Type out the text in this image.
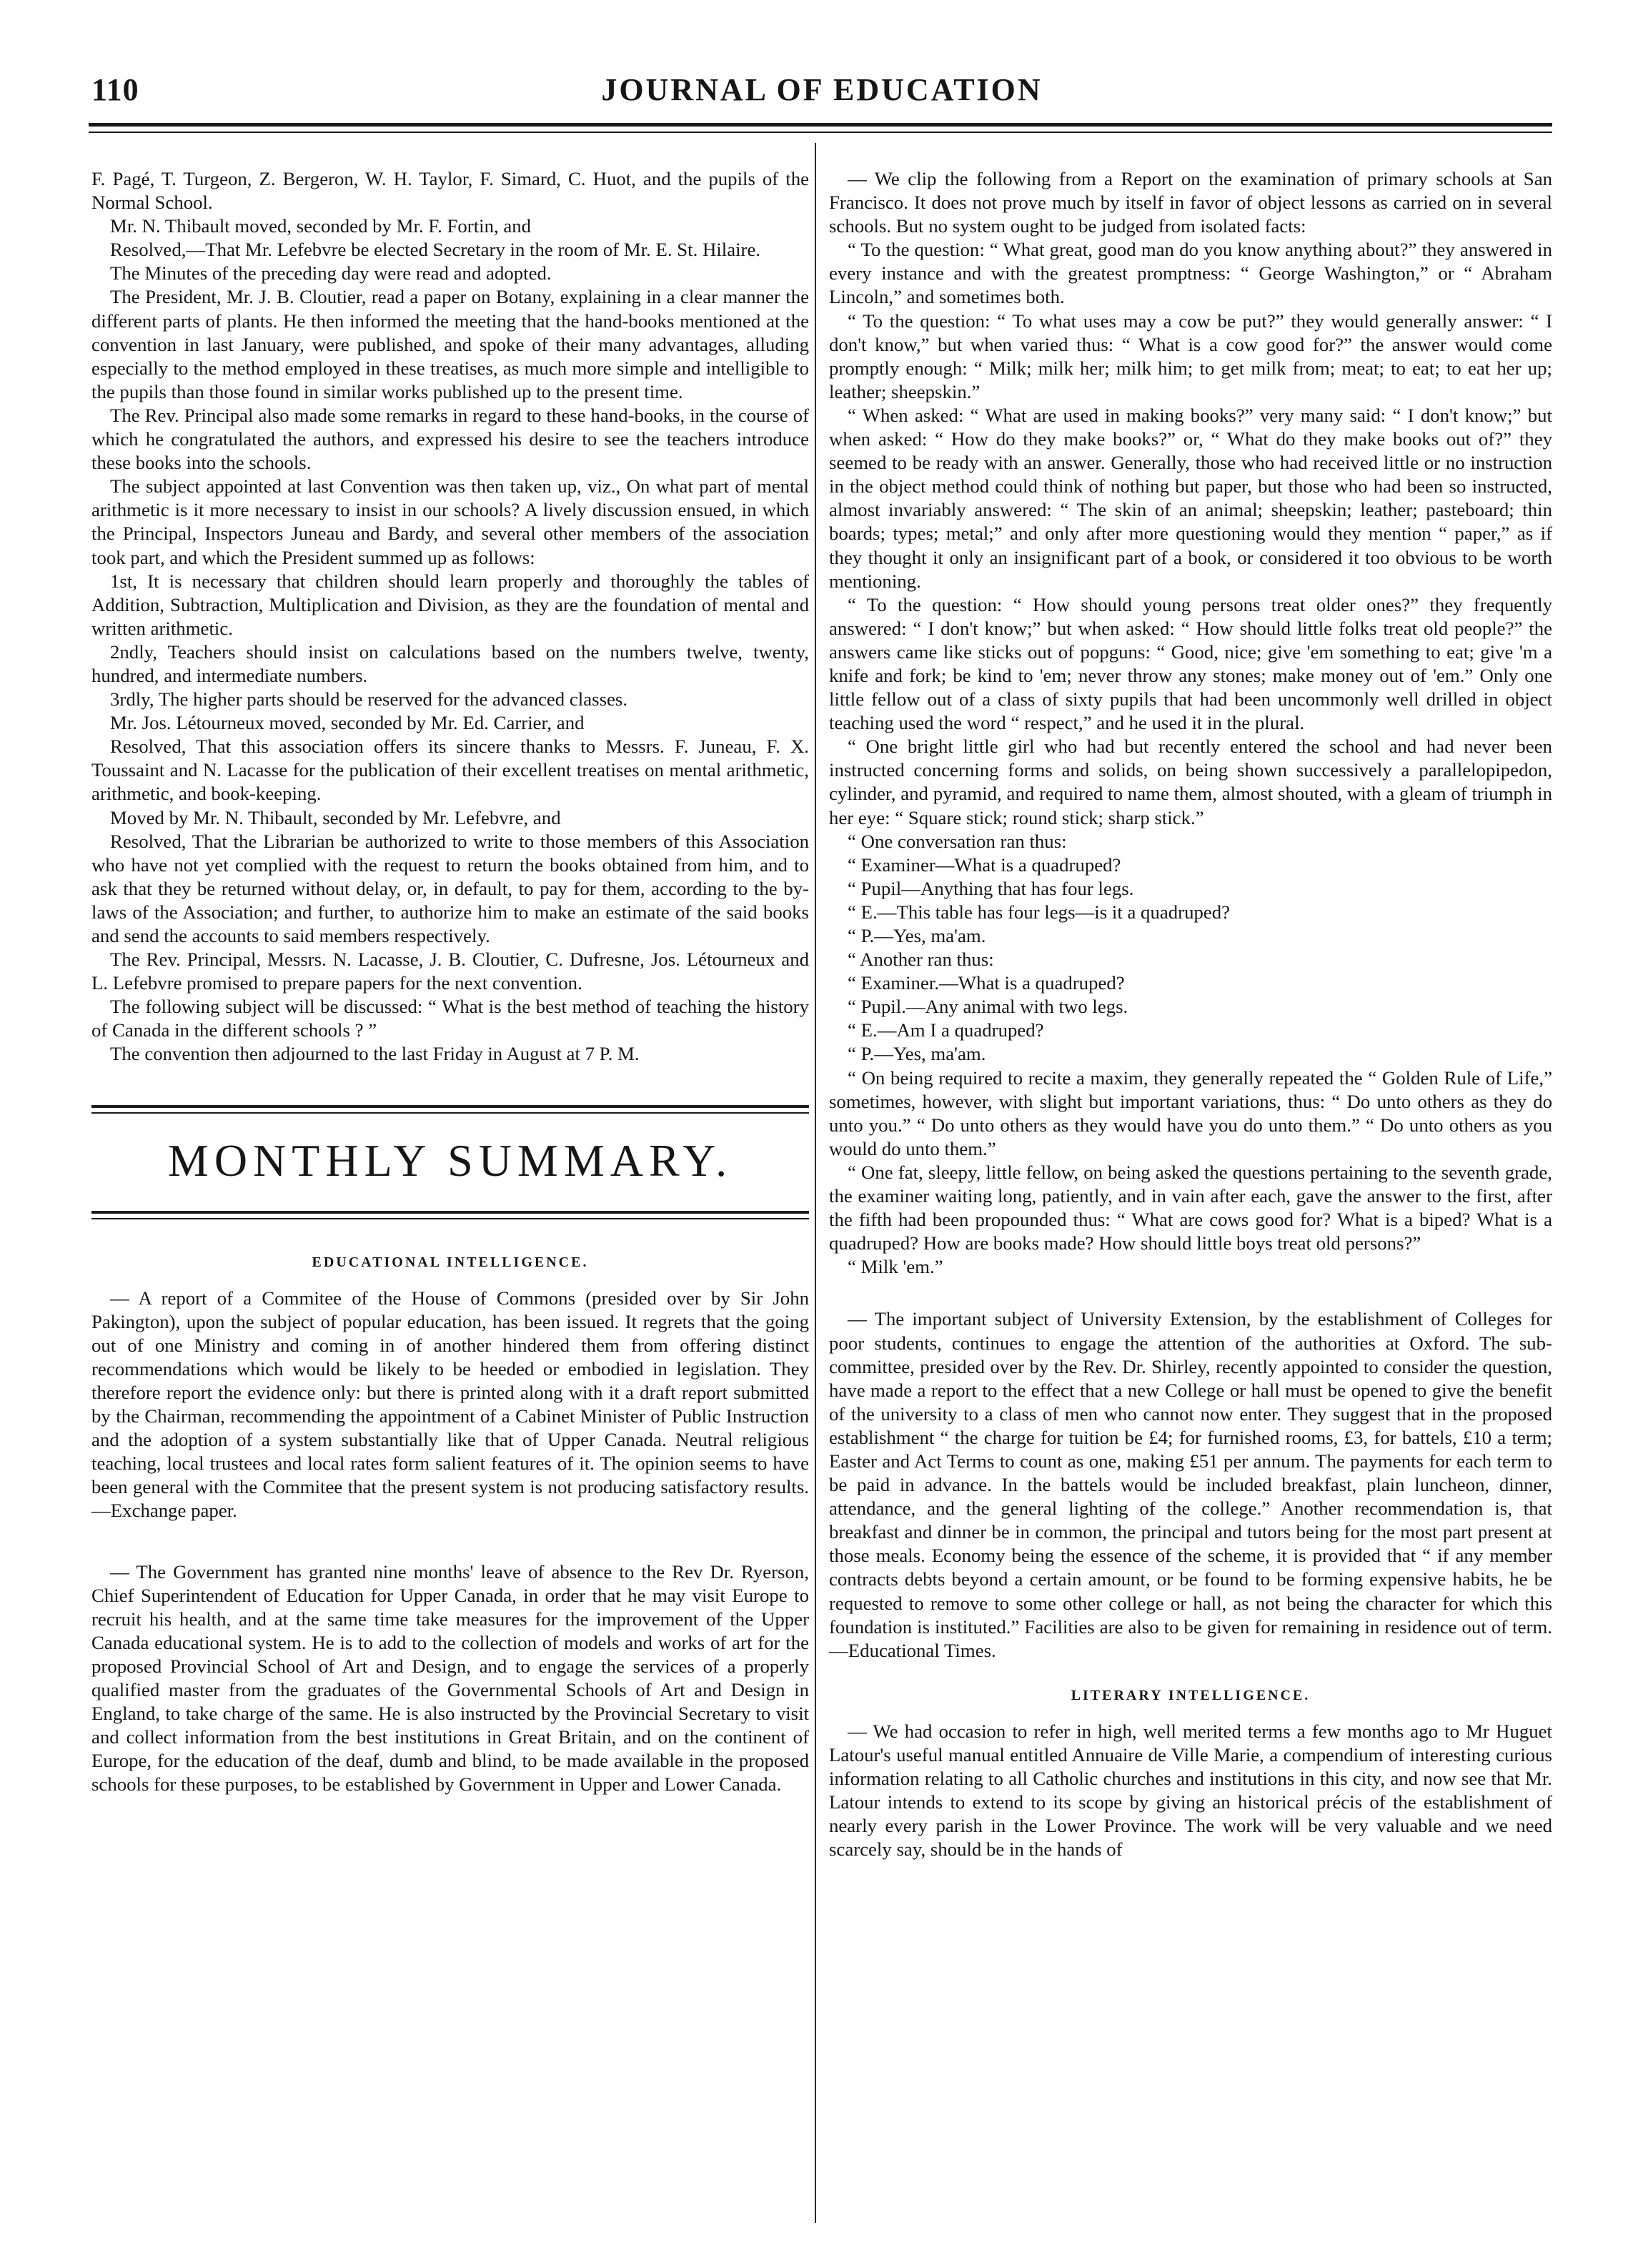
110	JOURNAL OF EDUCATION

F. Pagé, T. Turgeon, Z. Bergeron, W. H. Taylor, F. Simard, C. Huot, and the pupils of the Normal School.

Mr. N. Thibault moved, seconded by Mr. F. Fortin, and

Resolved,—That Mr. Lefebvre be elected Secretary in the room of Mr. E. St. Hilaire.

The Minutes of the preceding day were read and adopted.

The President, Mr. J. B. Cloutier, read a paper on Botany, explaining in a clear manner the different parts of plants. He then informed the meeting that the hand-books mentioned at the convention in last January, were published, and spoke of their many advantages, alluding especially to the method employed in these treatises, as much more simple and intelligible to the pupils than those found in similar works published up to the present time.

The Rev. Principal also made some remarks in regard to these hand-books, in the course of which he congratulated the authors, and expressed his desire to see the teachers introduce these books into the schools.

The subject appointed at last Convention was then taken up, viz., On what part of mental arithmetic is it more necessary to insist in our schools? A lively discussion ensued, in which the Principal, Inspectors Juneau and Bardy, and several other members of the association took part, and which the President summed up as follows:

1st, It is necessary that children should learn properly and thoroughly the tables of Addition, Subtraction, Multiplication and Division, as they are the foundation of mental and written arithmetic.

2ndly, Teachers should insist on calculations based on the numbers twelve, twenty, hundred, and intermediate numbers.

3rdly, The higher parts should be reserved for the advanced classes.

Mr. Jos. Létourneux moved, seconded by Mr. Ed. Carrier, and

Resolved, That this association offers its sincere thanks to Messrs. F. Juneau, F. X. Toussaint and N. Lacasse for the publication of their excellent treatises on mental arithmetic, arithmetic, and book-keeping.

Moved by Mr. N. Thibault, seconded by Mr. Lefebvre, and

Resolved, That the Librarian be authorized to write to those members of this Association who have not yet complied with the request to return the books obtained from him, and to ask that they be returned without delay, or, in default, to pay for them, according to the by-laws of the Association; and further, to authorize him to make an estimate of the said books and send the accounts to said members respectively.

The Rev. Principal, Messrs. N. Lacasse, J. B. Cloutier, C. Dufresne, Jos. Létourneux and L. Lefebvre promised to prepare papers for the next convention.

The following subject will be discussed: “ What is the best method of teaching the history of Canada in the different schools ? ”

The convention then adjourned to the last Friday in August at 7 P. M.

MONTHLY SUMMARY.
EDUCATIONAL INTELLIGENCE.

— A report of a Commitee of the House of Commons (presided over by Sir John Pakington), upon the subject of popular education, has been issued. It regrets that the going out of one Ministry and coming in of another hindered them from offering distinct recommendations which would be likely to be heeded or embodied in legislation. They therefore report the evidence only: but there is printed along with it a draft report submitted by the Chairman, recommending the appointment of a Cabinet Minister of Public Instruction and the adoption of a system substantially like that of Upper Canada. Neutral religious teaching, local trustees and local rates form salient features of it. The opinion seems to have been general with the Commitee that the present system is not producing satisfactory results.—Exchange paper.

— The Government has granted nine months' leave of absence to the Rev Dr. Ryerson, Chief Superintendent of Education for Upper Canada, in order that he may visit Europe to recruit his health, and at the same time take measures for the improvement of the Upper Canada educational system. He is to add to the collection of models and works of art for the proposed Provincial School of Art and Design, and to engage the services of a properly qualified master from the graduates of the Governmental Schools of Art and Design in England, to take charge of the same. He is also instructed by the Provincial Secretary to visit and collect information from the best institutions in Great Britain, and on the continent of Europe, for the education of the deaf, dumb and blind, to be made available in the proposed schools for these purposes, to be established by Government in Upper and Lower Canada.

— We clip the following from a Report on the examination of primary schools at San Francisco. It does not prove much by itself in favor of object lessons as carried on in several schools. But no system ought to be judged from isolated facts:

“ To the question: “ What great, good man do you know anything about?” they answered in every instance and with the greatest promptness: “ George Washington,” or “ Abraham Lincoln,” and sometimes both.

“ To the question: “ To what uses may a cow be put?” they would generally answer: “ I don't know,” but when varied thus: “ What is a cow good for?” the answer would come promptly enough: “ Milk; milk her; milk him; to get milk from; meat; to eat; to eat her up; leather; sheepskin.”

“ When asked: “ What are used in making books?” very many said: “ I don't know;” but when asked: “ How do they make books?” or, “ What do they make books out of?” they seemed to be ready with an answer. Generally, those who had received little or no instruction in the object method could think of nothing but paper, but those who had been so instructed, almost invariably answered: “ The skin of an animal; sheepskin; leather; pasteboard; thin boards; types; metal;” and only after more questioning would they mention “ paper,” as if they thought it only an insignificant part of a book, or considered it too obvious to be worth mentioning.

“ To the question: “ How should young persons treat older ones?” they frequently answered: “ I don't know;” but when asked: “ How should little folks treat old people?” the answers came like sticks out of popguns: “ Good, nice; give 'em something to eat; give 'm a knife and fork; be kind to 'em; never throw any stones; make money out of 'em.” Only one little fellow out of a class of sixty pupils that had been uncommonly well drilled in object teaching used the word “ respect,” and he used it in the plural.

“ One bright little girl who had but recently entered the school and had never been instructed concerning forms and solids, on being shown successively a parallelopipedon, cylinder, and pyramid, and required to name them, almost shouted, with a gleam of triumph in her eye: “ Square stick; round stick; sharp stick.”

“ One conversation ran thus:

“ Examiner—What is a quadruped?

“ Pupil—Anything that has four legs.

“ E.—This table has four legs—is it a quadruped?

“ P.—Yes, ma'am.

“ Another ran thus:

“ Examiner.—What is a quadruped?

“ Pupil.—Any animal with two legs.

“ E.—Am I a quadruped?

“ P.—Yes, ma'am.

“ On being required to recite a maxim, they generally repeated the “ Golden Rule of Life,” sometimes, however, with slight but important variations, thus: “ Do unto others as they do unto you.” “ Do unto others as they would have you do unto them.” “ Do unto others as you would do unto them.”

“ One fat, sleepy, little fellow, on being asked the questions pertaining to the seventh grade, the examiner waiting long, patiently, and in vain after each, gave the answer to the first, after the fifth had been propounded thus: “ What are cows good for? What is a biped? What is a quadruped? How are books made? How should little boys treat old persons?”

“ Milk 'em.”

— The important subject of University Extension, by the establishment of Colleges for poor students, continues to engage the attention of the authorities at Oxford. The sub-committee, presided over by the Rev. Dr. Shirley, recently appointed to consider the question, have made a report to the effect that a new College or hall must be opened to give the benefit of the university to a class of men who cannot now enter. They suggest that in the proposed establishment “ the charge for tuition be £4; for furnished rooms, £3, for battels, £10 a term; Easter and Act Terms to count as one, making £51 per annum. The payments for each term to be paid in advance. In the battels would be included breakfast, plain luncheon, dinner, attendance, and the general lighting of the college.” Another recommendation is, that breakfast and dinner be in common, the principal and tutors being for the most part present at those meals. Economy being the essence of the scheme, it is provided that “ if any member contracts debts beyond a certain amount, or be found to be forming expensive habits, he be requested to remove to some other college or hall, as not being the character for which this foundation is instituted.” Facilities are also to be given for remaining in residence out of term.—Educational Times.

LITERARY INTELLIGENCE.

— We had occasion to refer in high, well merited terms a few months ago to Mr Huguet Latour's useful manual entitled Annuaire de Ville Marie, a compendium of interesting curious information relating to all Catholic churches and institutions in this city, and now see that Mr. Latour intends to extend to its scope by giving an historical précis of the establishment of nearly every parish in the Lower Province. The work will be very valuable and we need scarcely say, should be in the hands of
